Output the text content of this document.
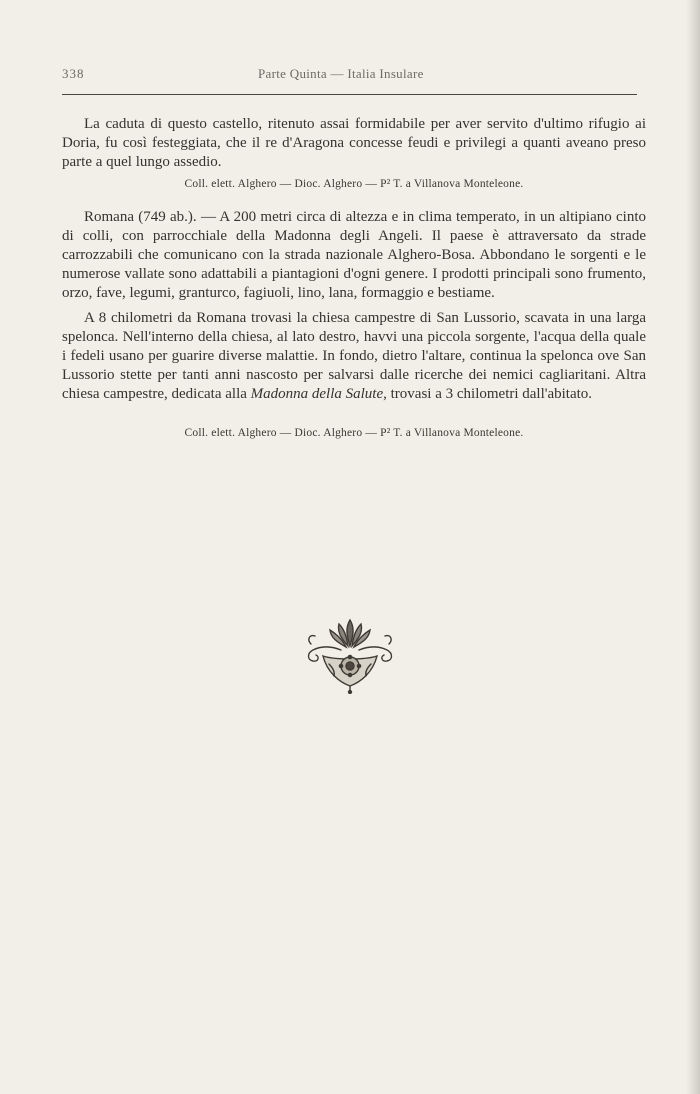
338	Parte Quinta — Italia Insulare

La caduta di questo castello, ritenuto assai formidabile per aver servito d'ultimo rifugio ai Doria, fu così festeggiata, che il re d'Aragona concesse feudi e privilegi a quanti aveano preso parte a quel lungo assedio.

Coll. elett. Alghero — Dioc. Alghero — P² T. a Villanova Monteleone.

Romana (749 ab.). — A 200 metri circa di altezza e in clima temperato, in un altipiano cinto di colli, con parrocchiale della Madonna degli Angeli. Il paese è attraversato da strade carrozzabili che comunicano con la strada nazionale Alghero-Bosa. Abbondano le sorgenti e le numerose vallate sono adattabili a piantagioni d'ogni genere. I prodotti principali sono frumento, orzo, fave, legumi, granturco, fagiuoli, lino, lana, formaggio e bestiame.

A 8 chilometri da Romana trovasi la chiesa campestre di San Lussorio, scavata in una larga spelonca. Nell'interno della chiesa, al lato destro, havvi una piccola sorgente, l'acqua della quale i fedeli usano per guarire diverse malattie. In fondo, dietro l'altare, continua la spelonca ove San Lussorio stette per tanti anni nascosto per salvarsi dalle ricerche dei nemici cagliaritani. Altra chiesa campestre, dedicata alla Madonna della Salute, trovasi a 3 chilometri dall'abitato.

Coll. elett. Alghero — Dioc. Alghero — P² T. a Villanova Monteleone.
